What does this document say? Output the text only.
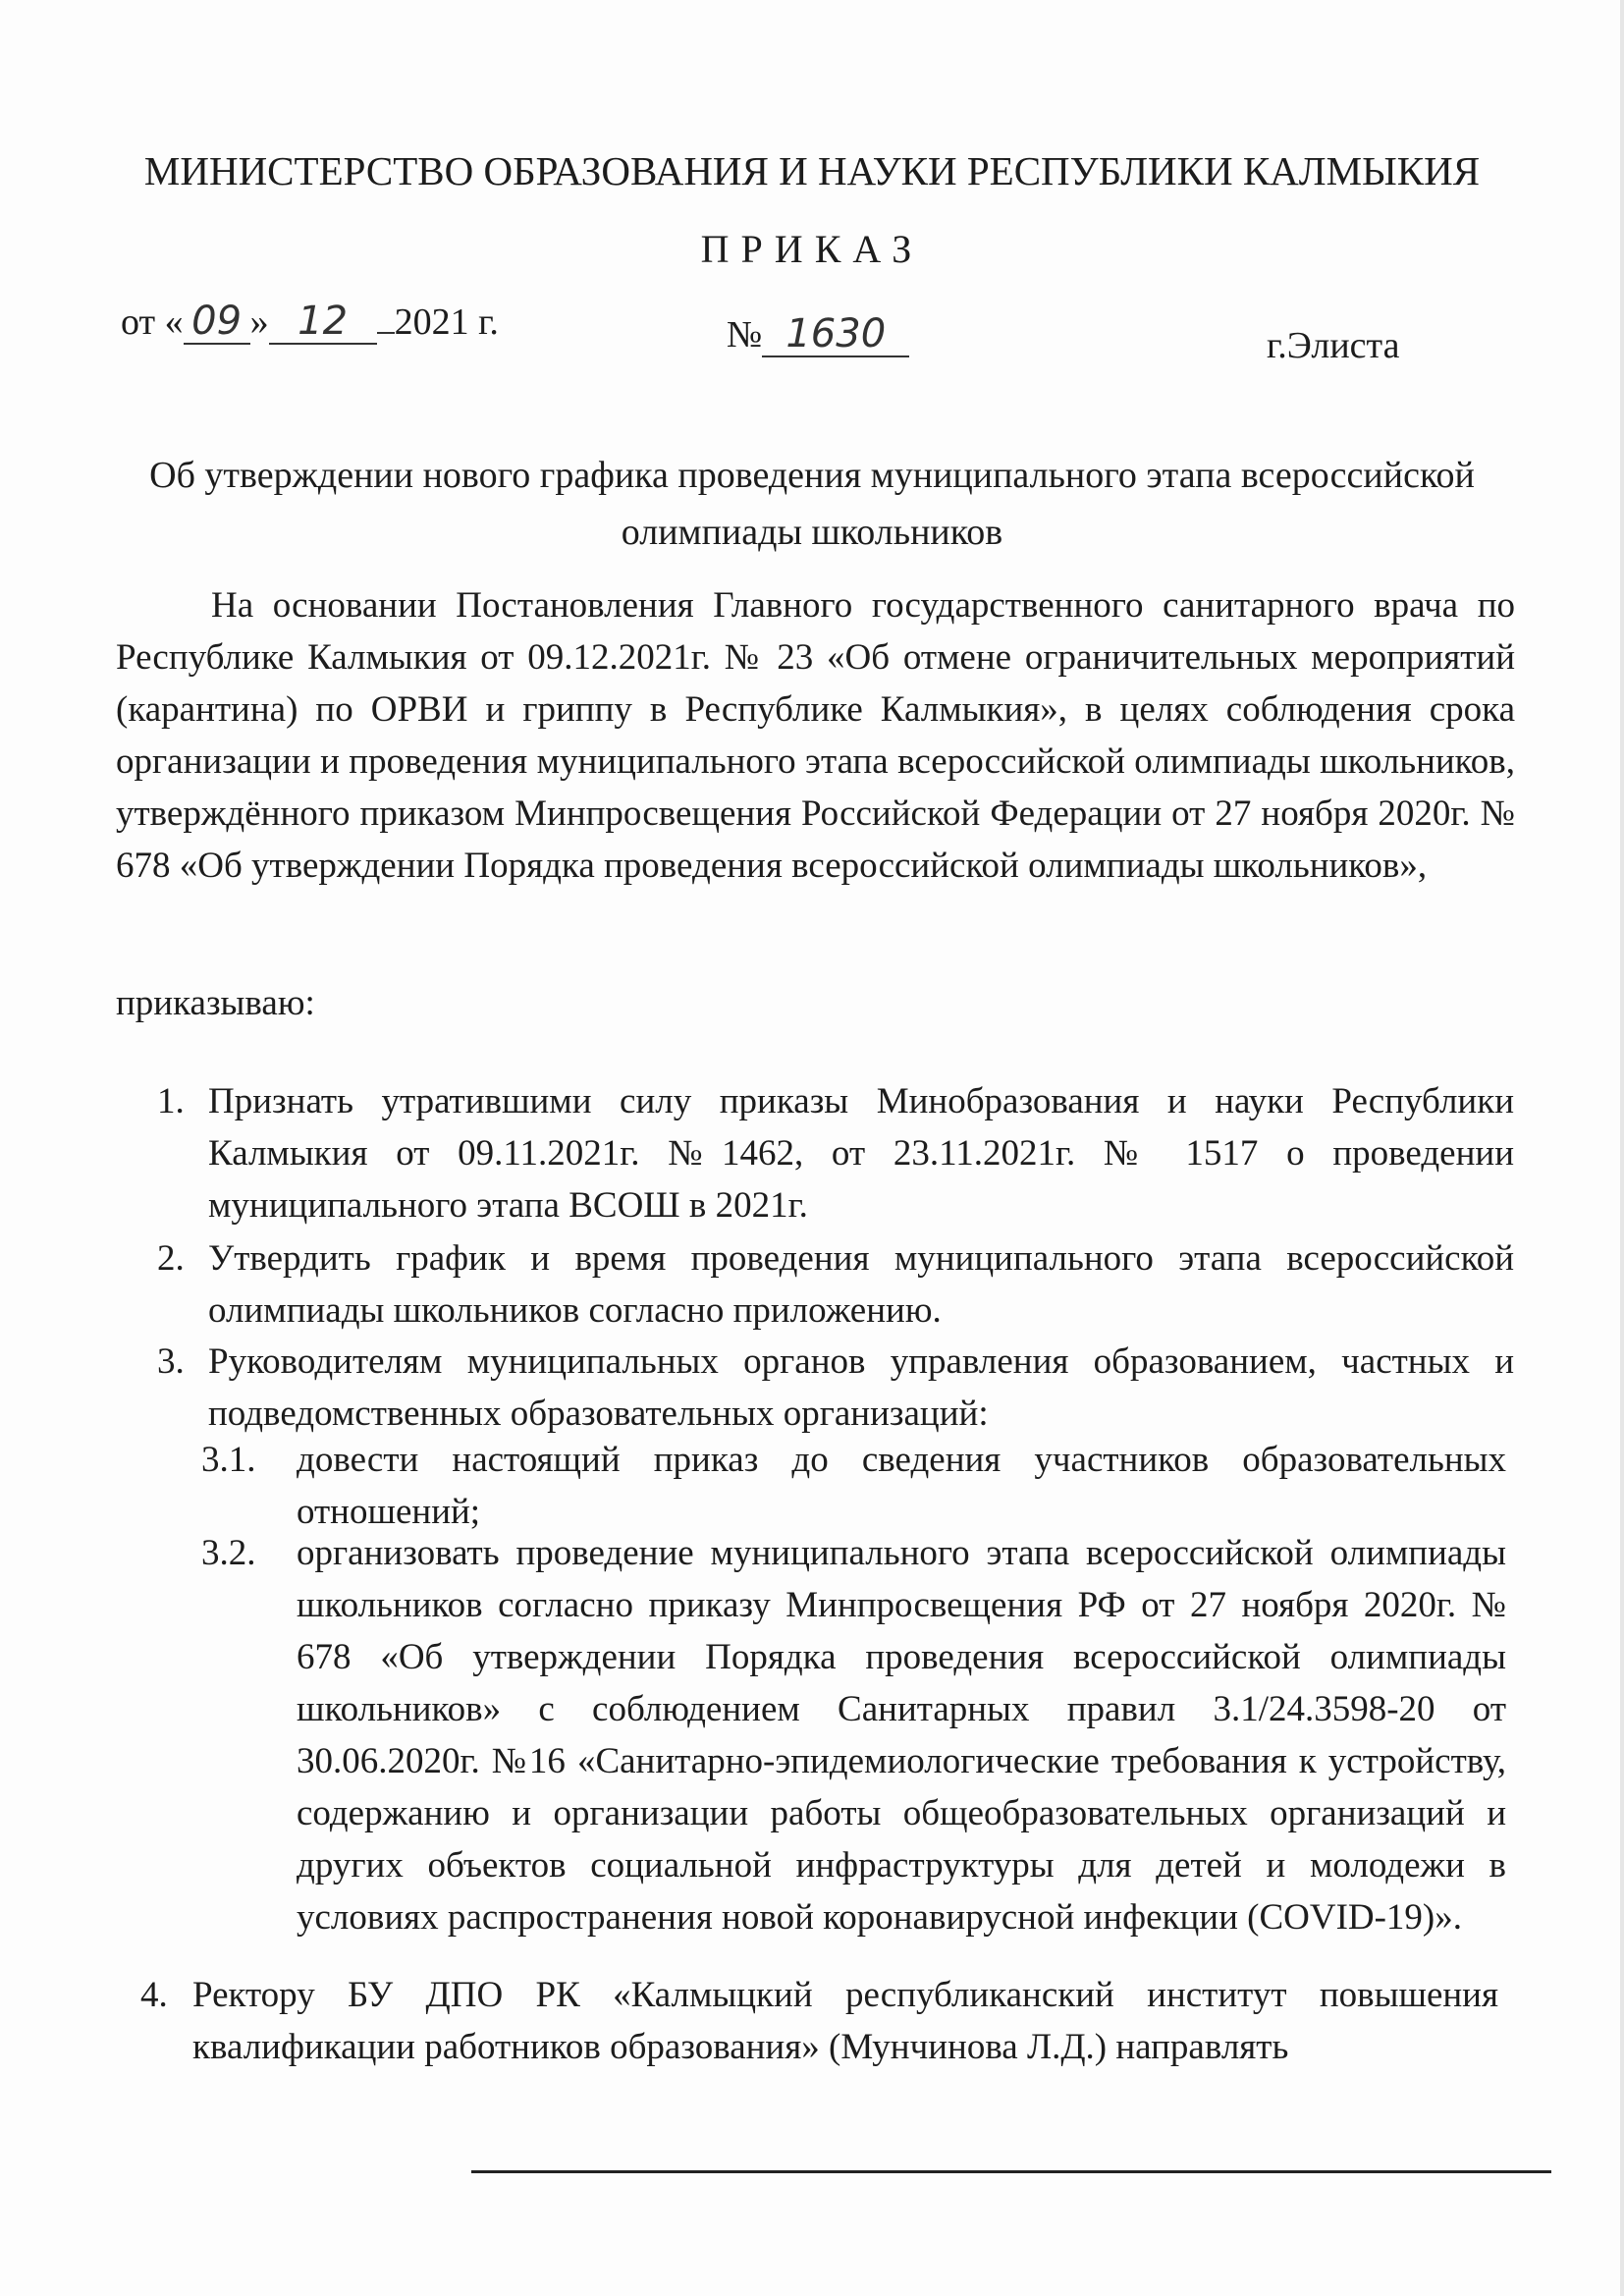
МИНИСТЕРСТВО ОБРАЗОВАНИЯ И НАУКИ РЕСПУБЛИКИ КАЛМЫКИЯ
ПРИКАЗ
от « 09 » 12 2021 г.	№ 1630	г.Элиста
Об утверждении нового графика проведения муниципального этапа всероссийской олимпиады школьников
На основании Постановления Главного государственного санитарного врача по Республике Калмыкия от 09.12.2021г. № 23 «Об отмене ограничительных мероприятий (карантина) по ОРВИ и гриппу в Республике Калмыкия», в целях соблюдения срока организации и проведения муниципального этапа всероссийской олимпиады школьников, утверждённого приказом Минпросвещения Российской Федерации от 27 ноября 2020г. № 678 «Об утверждении Порядка проведения всероссийской олимпиады школьников»,
приказываю:
1. Признать утратившими силу приказы Минобразования и науки Республики Калмыкия от 09.11.2021г. №1462, от 23.11.2021г. № 1517 о проведении муниципального этапа ВСОШ в 2021г.
2. Утвердить график и время проведения муниципального этапа всероссийской олимпиады школьников согласно приложению.
3. Руководителям муниципальных органов управления образованием, частных и подведомственных образовательных организаций:
3.1. довести настоящий приказ до сведения участников образовательных отношений;
3.2. организовать проведение муниципального этапа всероссийской олимпиады школьников согласно приказу Минпросвещения РФ от 27 ноября 2020г. № 678 «Об утверждении Порядка проведения всероссийской олимпиады школьников» с соблюдением Санитарных правил 3.1/24.3598-20 от 30.06.2020г. №16 «Санитарно-эпидемиологические требования к устройству, содержанию и организации работы общеобразовательных организаций и других объектов социальной инфраструктуры для детей и молодежи в условиях распространения новой коронавирусной инфекции (COVID-19)».
4. Ректору БУ ДПО РК «Калмыцкий республиканский институт повышения квалификации работников образования» (Мунчинова Л.Д.) направлять
